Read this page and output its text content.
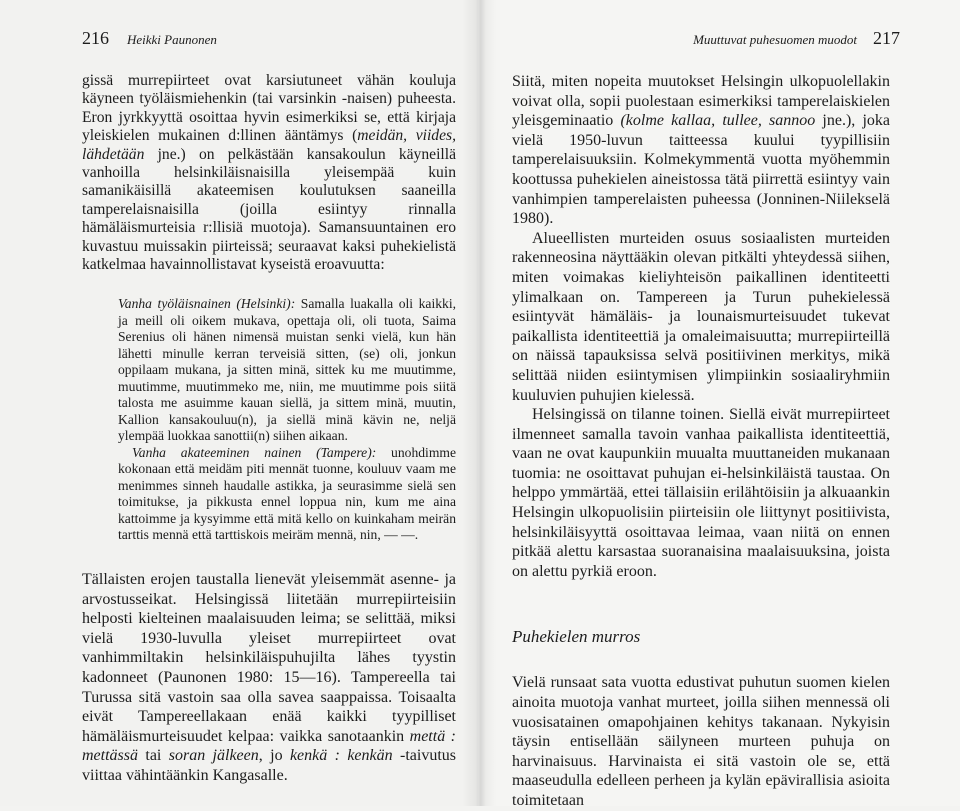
216 Heikki Paunonen

gissä murrepiirteet ovat karsiutuneet vähän kouluja käyneen työläismiehenkin (tai varsinkin -naisen) puheesta. Eron jyrkkyyttä osoittaa hyvin esimerkiksi se, että kirjaja yleiskielen mukainen d:llinen ääntämys (meidän, viides, lähdetään jne.) on pelkästään kansakoulun käyneillä vanhoilla helsinkiläisnaisilla yleisempää kuin samanikäisillä akateemisen koulutuksen saaneilla tamperelaisnaisilla (joilla esiintyy rinnalla hämäläismurteisia r:llisiä muotoja). Samansuuntainen ero kuvastuu muissakin piirteissä; seuraavat kaksi puhekielistä katkelmaa havainnollistavat kyseistä eroavuutta:

Vanha työläisnainen (Helsinki): Samalla luakalla oli kaikki, ja meill oli oikem mukava, opettaja oli, oli tuota, Saima Serenius oli hänen nimensä muistan senki vielä, kun hän lähetti minulle kerran terveisiä sitten, (se) oli, jonkun oppilaam mukana, ja sitten minä, sittek ku me muutimme, muutimme, muutimmeko me, niin, me muutimme pois siitä talosta me asuimme kauan siellä, ja sittem minä, muutin, Kallion kansakouluu(n), ja siellä minä kävin ne, neljä ylempää luokkaa sanottii(n) siihen aikaan.

Vanha akateeminen nainen (Tampere): unohdimme kokonaan että meidäm piti mennät tuonne, kouluuv vaam me menimmes sinneh haudalle astikka, ja seurasimme sielä sen toimitukse, ja pikkusta ennel loppua nin, kum me aina kattoimme ja kysyimme että mitä kello on kuinkaham meirän tarttis mennä että tarttiskois meiräm mennä, nin, — —.

Tällaisten erojen taustalla lienevät yleisemmät asenne- ja arvostusseikat. Helsingissä liitetään murrepiirteisiin helposti kielteinen maalaisuuden leima; se selittää, miksi vielä 1930-luvulla yleiset murrepiirteet ovat vanhimmiltakin helsinkiläispuhujilta lähes tyystin kadonneet (Paunonen 1980: 15—16). Tampereella tai Turussa sitä vastoin saa olla savea saappaissa. Toisaalta eivät Tampereellakaan enää kaikki tyypilliset hämäläismurteisuudet kelpaa: vaikka sanotaankin mettä : mettässä tai soran jälkeen, jo kenkä : kenkän -taivutus viittaa vähintäänkin Kangasalle.

Muuttuvat puhesuomen muodot 217

Siitä, miten nopeita muutokset Helsingin ulkopuolellakin voivat olla, sopii puolestaan esimerkiksi tamperelaiskielen yleisgeminaatio (kolme kallaa, tullee, sannoo jne.), joka vielä 1950-luvun taitteessa kuului tyypillisiin tamperelaisuuksiin. Kolmekymmentä vuotta myöhemmin koottussa puhekielen aineistossa tätä piirrettä esiintyy vain vanhimpien tamperelaisten puheessa (Jonninen-Niilekselä 1980).

Alueellisten murteiden osuus sosiaalisten murteiden rakenneosina näyttääkin olevan pitkälti yhteydessä siihen, miten voimakas kieliyhteisön paikallinen identiteetti ylimalkaan on. Tampereen ja Turun puhekielessä esiintyvät hämäläis- ja lounaismurteisuudet tukevat paikallista identiteettiä ja omaleimaisuutta; murrepiirteillä on näissä tapauksissa selvä positiivinen merkitys, mikä selittää niiden esiintymisen ylimpiinkin sosiaaliryhmiin kuuluvien puhujien kielessä.

Helsingissä on tilanne toinen. Siellä eivät murrepiirteet ilmenneet samalla tavoin vanhaa paikallista identiteettiä, vaan ne ovat kaupunkiin muualta muuttaneiden mukanaan tuomia: ne osoittavat puhujan ei-helsinkiläistä taustaa. On helppo ymmärtää, ettei tällaisiin erilähtöisiin ja alkuaankin Helsingin ulkopuolisiin piirteisiin ole liittynyt positiivista, helsinkiläisyyttä osoittavaa leimaa, vaan niitä on ennen pitkää alettu karsastaa suoranaisina maalaisuuksina, joista on alettu pyrkiä eroon.

Puhekielen murros

Vielä runsaat sata vuotta edustivat puhutun suomen kielen ainoita muotoja vanhat murteet, joilla siihen mennessä oli vuosisatainen omapohjainen kehitys takanaan. Nykyisin täysin entisellään säilyneen murteen puhuja on harvinaisuus. Harvinaista ei sitä vastoin ole se, että maaseudulla edelleen perheen ja kylän epävirallisia asioita toimitetaan
